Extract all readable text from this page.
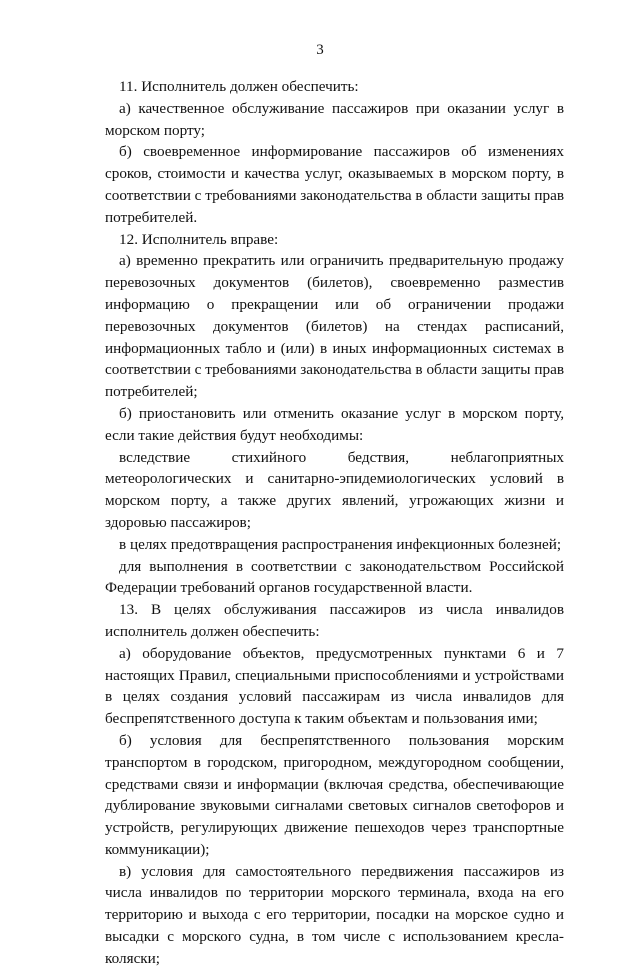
3

11. Исполнитель должен обеспечить:

а) качественное обслуживание пассажиров при оказании услуг в морском порту;

б) своевременное информирование пассажиров об изменениях сроков, стоимости и качества услуг, оказываемых в морском порту, в соответствии с требованиями законодательства в области защиты прав потребителей.

12. Исполнитель вправе:

а) временно прекратить или ограничить предварительную продажу перевозочных документов (билетов), своевременно разместив информацию о прекращении или об ограничении продажи перевозочных документов (билетов) на стендах расписаний, информационных табло и (или) в иных информационных системах в соответствии с требованиями законодательства в области защиты прав потребителей;

б) приостановить или отменить оказание услуг в морском порту, если такие действия будут необходимы:

вследствие стихийного бедствия, неблагоприятных метеорологических и санитарно-эпидемиологических условий в морском порту, а также других явлений, угрожающих жизни и здоровью пассажиров;

в целях предотвращения распространения инфекционных болезней;

для выполнения в соответствии с законодательством Российской Федерации требований органов государственной власти.

13. В целях обслуживания пассажиров из числа инвалидов исполнитель должен обеспечить:

а) оборудование объектов, предусмотренных пунктами 6 и 7 настоящих Правил, специальными приспособлениями и устройствами в целях создания условий пассажирам из числа инвалидов для беспрепятственного доступа к таким объектам и пользования ими;

б) условия для беспрепятственного пользования морским транспортом в городском, пригородном, междугородном сообщении, средствами связи и информации (включая средства, обеспечивающие дублирование звуковыми сигналами световых сигналов светофоров и устройств, регулирующих движение пешеходов через транспортные коммуникации);

в) условия для самостоятельного передвижения пассажиров из числа инвалидов по территории морского терминала, входа на его территорию и выхода с его территории, посадки на морское судно и высадки с морского судна, в том числе с использованием кресла-коляски;
